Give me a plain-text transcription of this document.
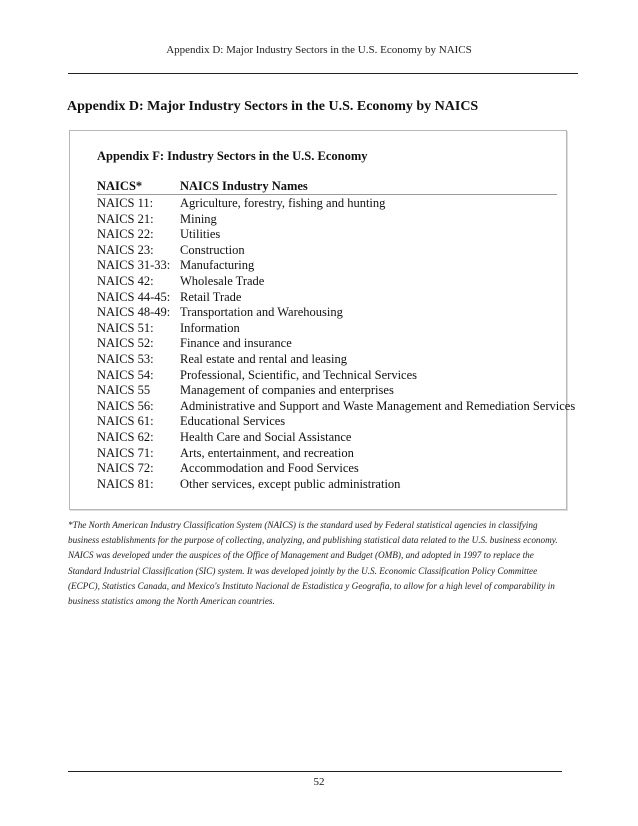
Appendix D: Major Industry Sectors in the U.S. Economy by NAICS
Appendix D: Major Industry Sectors in the U.S. Economy by NAICS
Appendix F: Industry Sectors in the U.S. Economy
NAICS*	NAICS Industry Names
NAICS 11: Agriculture, forestry, fishing and hunting
NAICS 21: Mining
NAICS 22: Utilities
NAICS 23: Construction
NAICS 31-33: Manufacturing
NAICS 42: Wholesale Trade
NAICS 44-45: Retail Trade
NAICS 48-49: Transportation and Warehousing
NAICS 51: Information
NAICS 52: Finance and insurance
NAICS 53: Real estate and rental and leasing
NAICS 54: Professional, Scientific, and Technical Services
NAICS 55 Management of companies and enterprises
NAICS 56: Administrative and Support and Waste Management and Remediation Services
NAICS 61: Educational Services
NAICS 62: Health Care and Social Assistance
NAICS 71: Arts, entertainment, and recreation
NAICS 72: Accommodation and Food Services
NAICS 81: Other services, except public administration

*The North American Industry Classification System (NAICS) is the standard used by Federal statistical agencies in classifying business establishments for the purpose of collecting, analyzing, and publishing statistical data related to the U.S. business economy. NAICS was developed under the auspices of the Office of Management and Budget (OMB), and adopted in 1997 to replace the Standard Industrial Classification (SIC) system. It was developed jointly by the U.S. Economic Classification Policy Committee (ECPC), Statistics Canada, and Mexico's Instituto Nacional de Estadistica y Geografia, to allow for a high level of comparability in business statistics among the North American countries.

52
